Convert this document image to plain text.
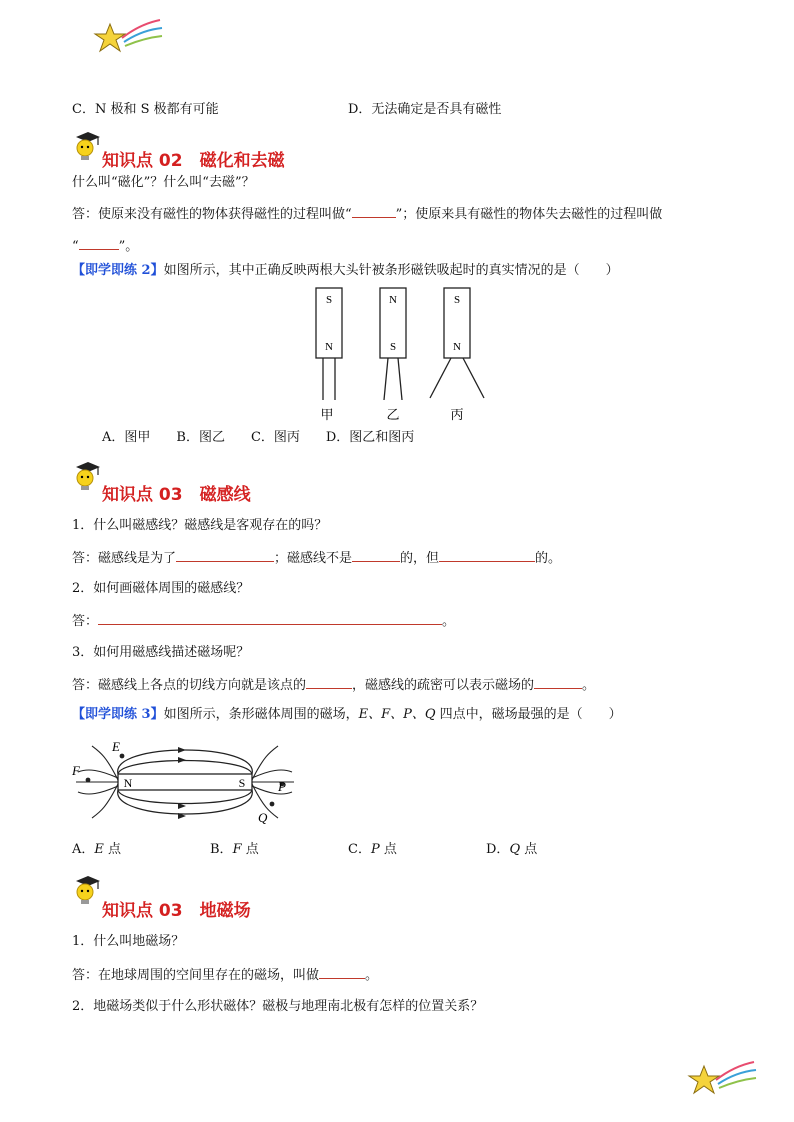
C．N 极和 S 极都有可能	D．无法确定是否具有磁性
知识点 02　磁化和去磁
什么叫“磁化”？什么叫“去磁”？
答：使原来没有磁性的物体获得磁性的过程叫做“	”；使原来具有磁性的物体失去磁性的过程叫做
“	”。
【即学即练 2】如图所示，其中正确反映两根大头针被条形磁铁吸起时的真实情况的是（　　）
S
N
N
S
S
N
甲	乙	丙
A．图甲　　B．图乙　　C．图丙　　D．图乙和图丙
知识点 03　磁感线
1．什么叫磁感线？磁感线是客观存在的吗？
答：磁感线是为了	；磁感线不是	的，但	的。
2．如何画磁体周围的磁感线？
答：	。
3．如何用磁感线描述磁场呢？
答：磁感线上各点的切线方向就是该点的	，磁感线的疏密可以表示磁场的	。
【即学即练 3】如图所示，条形磁体周围的磁场，E、F、P、Q 四点中，磁场最强的是（　　）
N	S
E
F
P
Q
A．E 点	B．F 点	C．P 点	D．Q 点
知识点 03　地磁场
1．什么叫地磁场？
答：在地球周围的空间里存在的磁场，叫做	。
2．地磁场类似于什么形状磁体？磁极与地理南北极有怎样的位置关系？
